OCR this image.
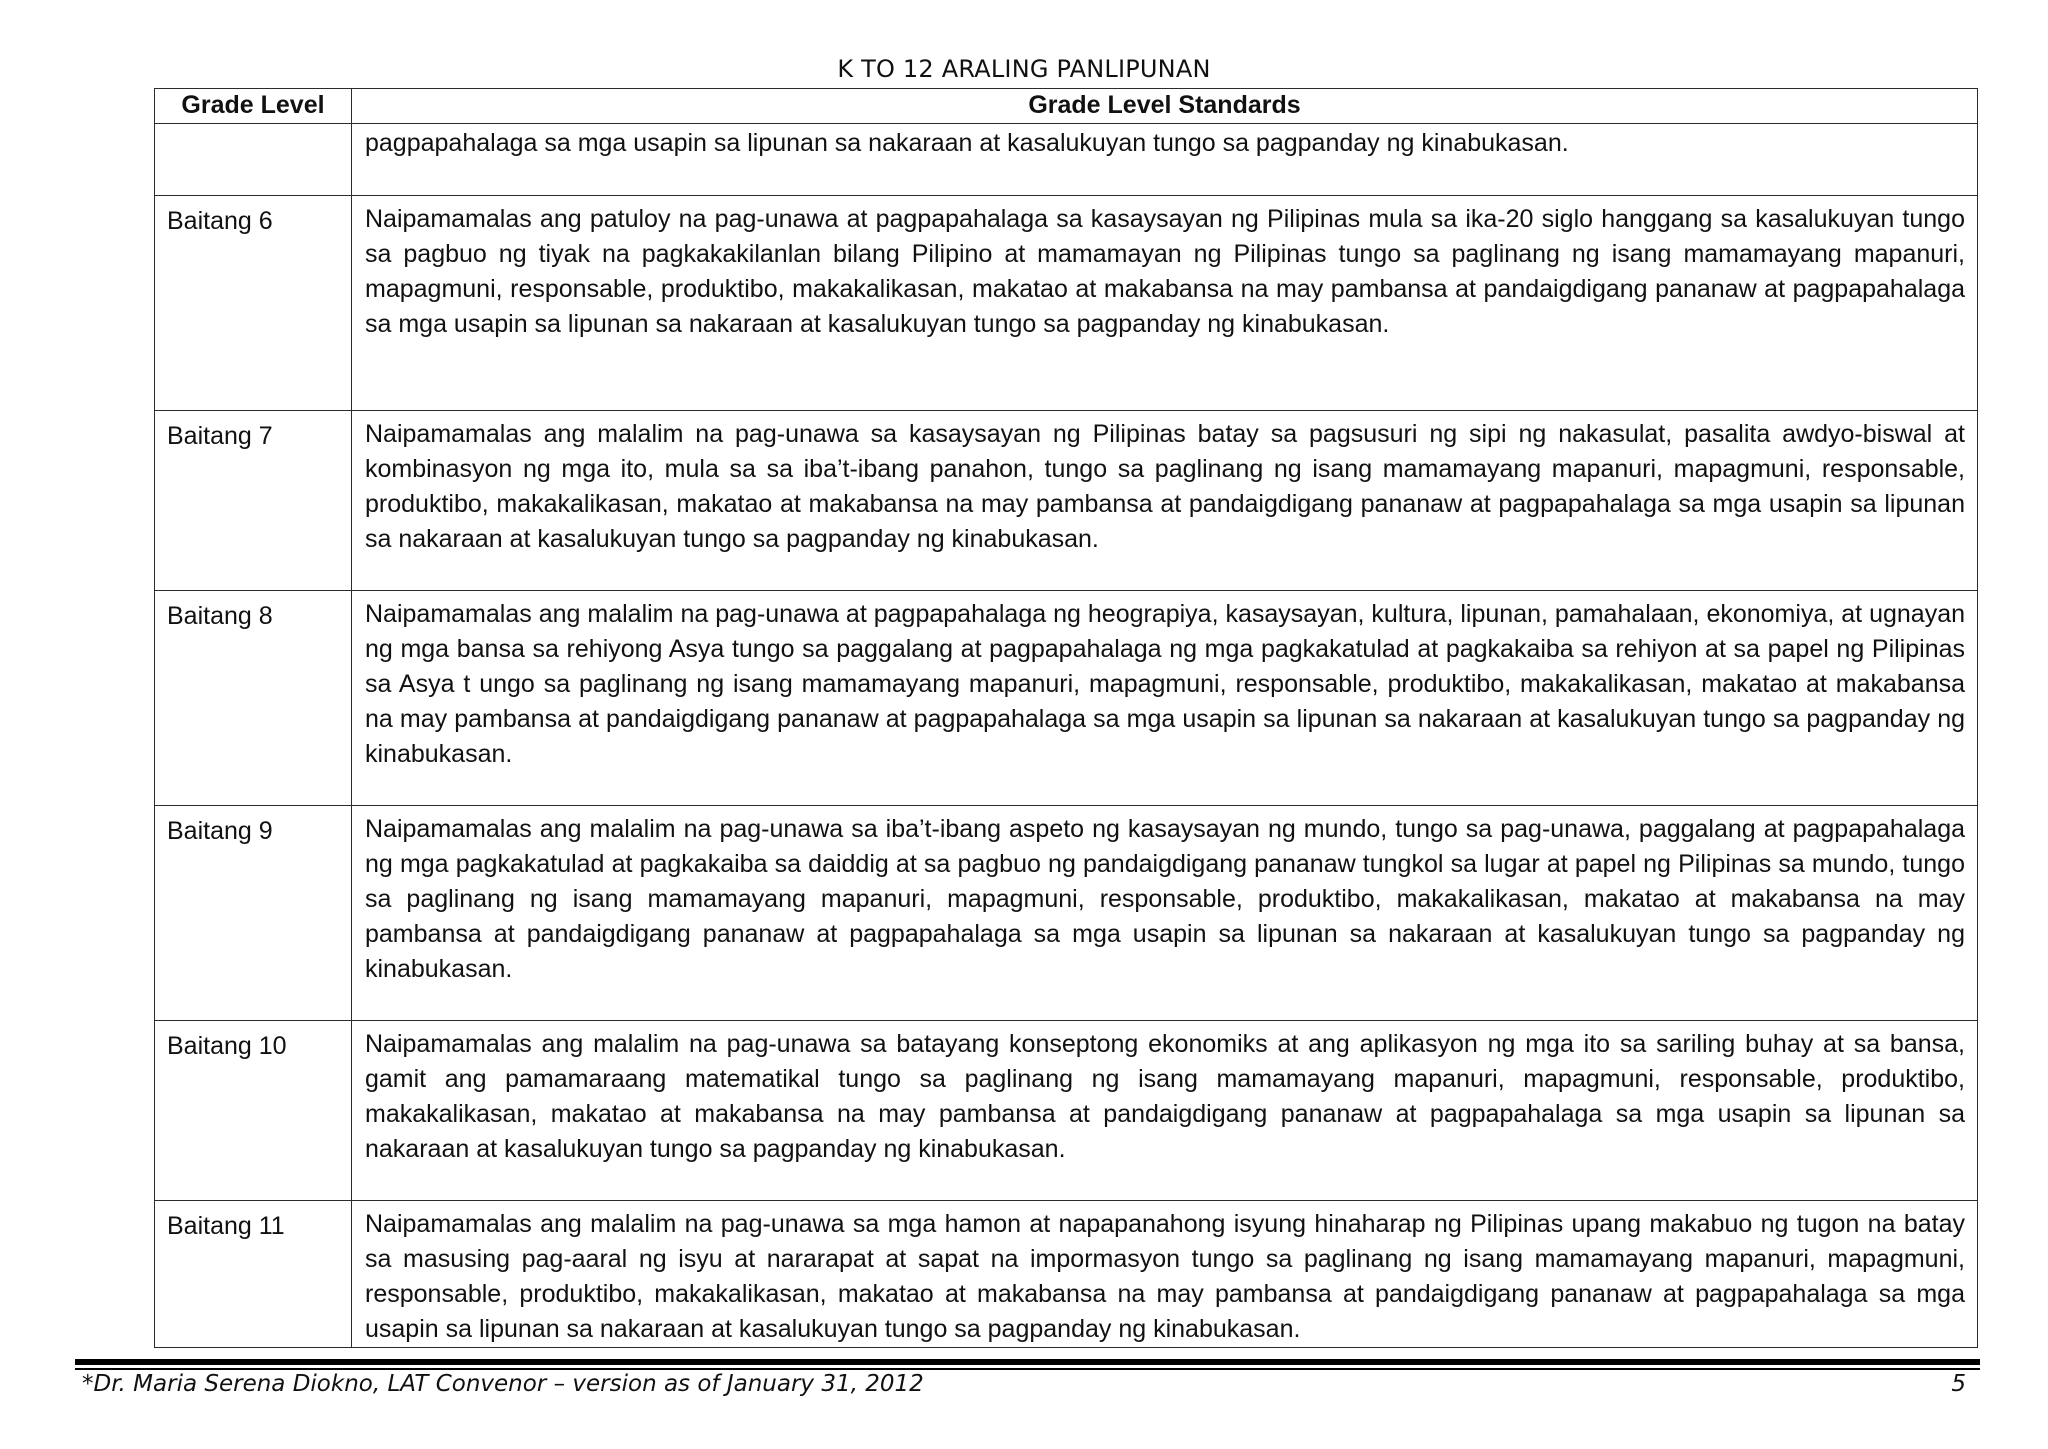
K TO 12 ARALING PANLIPUNAN
Grade Level	Grade Level Standards
	pagpapahalaga sa mga usapin sa lipunan sa nakaraan at kasalukuyan tungo sa pagpanday ng kinabukasan.
Baitang 6	Naipamamalas ang patuloy na pag-unawa at pagpapahalaga sa kasaysayan ng Pilipinas mula sa ika-20 siglo hanggang sa kasalukuyan tungo sa pagbuo ng tiyak na pagkakakilanlan bilang Pilipino at mamamayan ng Pilipinas tungo sa paglinang ng isang mamamayang mapanuri, mapagmuni, responsable, produktibo, makakalikasan, makatao at makabansa na may pambansa at pandaigdigang pananaw at pagpapahalaga sa mga usapin sa lipunan sa nakaraan at kasalukuyan tungo sa pagpanday ng kinabukasan.
Baitang 7	Naipamamalas ang malalim na pag-unawa sa kasaysayan ng Pilipinas batay sa pagsusuri ng sipi ng nakasulat, pasalita awdyo-biswal at kombinasyon ng mga ito, mula sa sa iba’t-ibang panahon, tungo sa paglinang ng isang mamamayang mapanuri, mapagmuni, responsable, produktibo, makakalikasan, makatao at makabansa na may pambansa at pandaigdigang pananaw at pagpapahalaga sa mga usapin sa lipunan sa nakaraan at kasalukuyan tungo sa pagpanday ng kinabukasan.
Baitang 8	Naipamamalas ang malalim na pag-unawa at pagpapahalaga ng heograpiya, kasaysayan, kultura, lipunan, pamahalaan, ekonomiya, at ugnayan ng mga bansa sa rehiyong Asya tungo sa paggalang at pagpapahalaga ng mga pagkakatulad at pagkakaiba sa rehiyon at sa papel ng Pilipinas sa Asya t ungo sa paglinang ng isang mamamayang mapanuri, mapagmuni, responsable, produktibo, makakalikasan, makatao at makabansa na may pambansa at pandaigdigang pananaw at pagpapahalaga sa mga usapin sa lipunan sa nakaraan at kasalukuyan tungo sa pagpanday ng kinabukasan.
Baitang 9	Naipamamalas ang malalim na pag-unawa sa iba’t-ibang aspeto ng kasaysayan ng mundo, tungo sa pag-unawa, paggalang at pagpapahalaga ng mga pagkakatulad at pagkakaiba sa daiddig at sa pagbuo ng pandaigdigang pananaw tungkol sa lugar at papel ng Pilipinas sa mundo, tungo sa paglinang ng isang mamamayang mapanuri, mapagmuni, responsable, produktibo, makakalikasan, makatao at makabansa na may pambansa at pandaigdigang pananaw at pagpapahalaga sa mga usapin sa lipunan sa nakaraan at kasalukuyan tungo sa pagpanday ng kinabukasan.
Baitang 10	Naipamamalas ang malalim na pag-unawa sa batayang konseptong ekonomiks at ang aplikasyon ng mga ito sa sariling buhay at sa bansa, gamit ang pamamaraang matematikal tungo sa paglinang ng isang mamamayang mapanuri, mapagmuni, responsable, produktibo, makakalikasan, makatao at makabansa na may pambansa at pandaigdigang pananaw at pagpapahalaga sa mga usapin sa lipunan sa nakaraan at kasalukuyan tungo sa pagpanday ng kinabukasan.
Baitang 11	Naipamamalas ang malalim na pag-unawa sa mga hamon at napapanahong isyung hinaharap ng Pilipinas upang makabuo ng tugon na batay sa masusing pag-aaral ng isyu at nararapat at sapat na impormasyon tungo sa paglinang ng isang mamamayang mapanuri, mapagmuni, responsable, produktibo, makakalikasan, makatao at makabansa na may pambansa at pandaigdigang pananaw at pagpapahalaga sa mga usapin sa lipunan sa nakaraan at kasalukuyan tungo sa pagpanday ng kinabukasan.
*Dr. Maria Serena Diokno, LAT Convenor – version as of January 31, 2012	5
